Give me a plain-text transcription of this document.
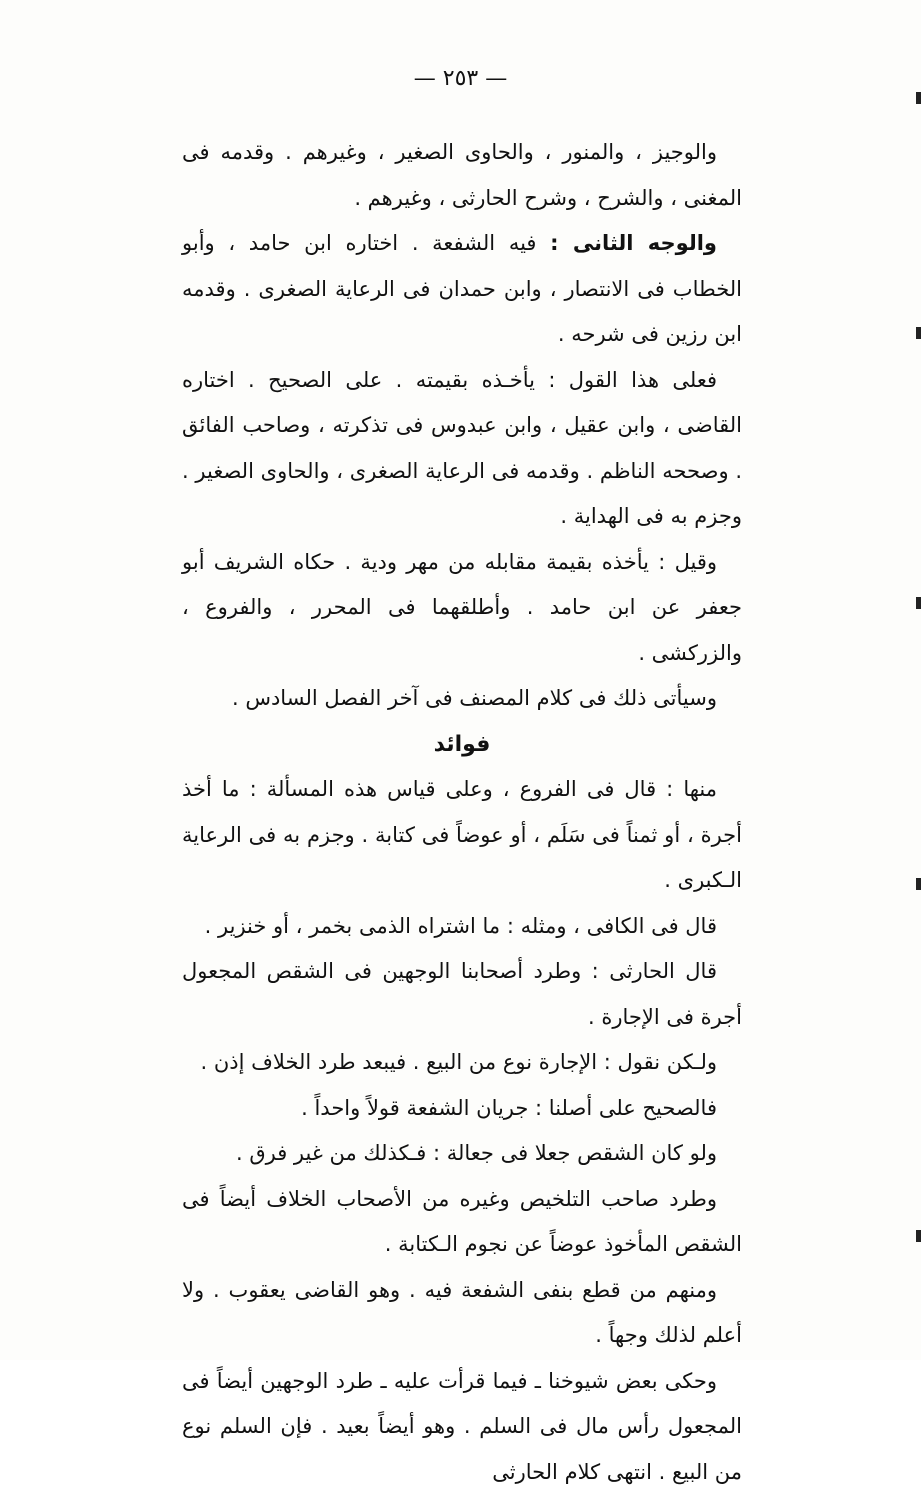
— ٢٥٣ —

والوجيز ، والمنور ، والحاوى الصغير ، وغيرهم . وقدمه فى المغنى ، والشرح ، وشرح الحارثى ، وغيرهم .

والوجه الثانى : فيه الشفعة . اختاره ابن حامد ، وأبو الخطاب فى الانتصار ، وابن حمدان فى الرعاية الصغرى . وقدمه ابن رزين فى شرحه .

فعلى هذا القول : يأخـذه بقيمته . على الصحيح . اختاره القاضى ، وابن عقيل ، وابن عبدوس فى تذكرته ، وصاحب الفائق . وصححه الناظم . وقدمه فى الرعاية الصغرى ، والحاوى الصغير . وجزم به فى الهداية .

وقيل : يأخذه بقيمة مقابله من مهر ودية . حكاه الشريف أبو جعفر عن ابن حامد . وأطلقهما فى المحرر ، والفروع ، والزركشى .

وسيأتى ذلك فى كلام المصنف فى آخر الفصل السادس .

فوائد

منها : قال فى الفروع ، وعلى قياس هذه المسألة : ما أخذ أجرة ، أو ثمناً فى سَلَم ، أو عوضاً فى كتابة . وجزم به فى الرعاية الـكبرى .

قال فى الكافى ، ومثله : ما اشتراه الذمى بخمر ، أو خنزير .

قال الحارثى : وطرد أصحابنا الوجهين فى الشقص المجعول أجرة فى الإجارة .

ولـكن نقول : الإجارة نوع من البيع . فيبعد طرد الخلاف إذن .

فالصحيح على أصلنا : جريان الشفعة قولاً واحداً .

ولو كان الشقص جعلا فى جعالة : فـكذلك من غير فرق .

وطرد صاحب التلخيص وغيره من الأصحاب الخلاف أيضاً فى الشقص المأخوذ عوضاً عن نجوم الـكتابة .

ومنهم من قطع بنفى الشفعة فيه . وهو القاضى يعقوب . ولا أعلم لذلك وجهاً .

وحكى بعض شيوخنا ـ فيما قرأت عليه ـ طرد الوجهين أيضاً فى المجعول رأس مال فى السلم . وهو أيضاً بعيد . فإن السلم نوع من البيع . انتهى كلام الحارثى
